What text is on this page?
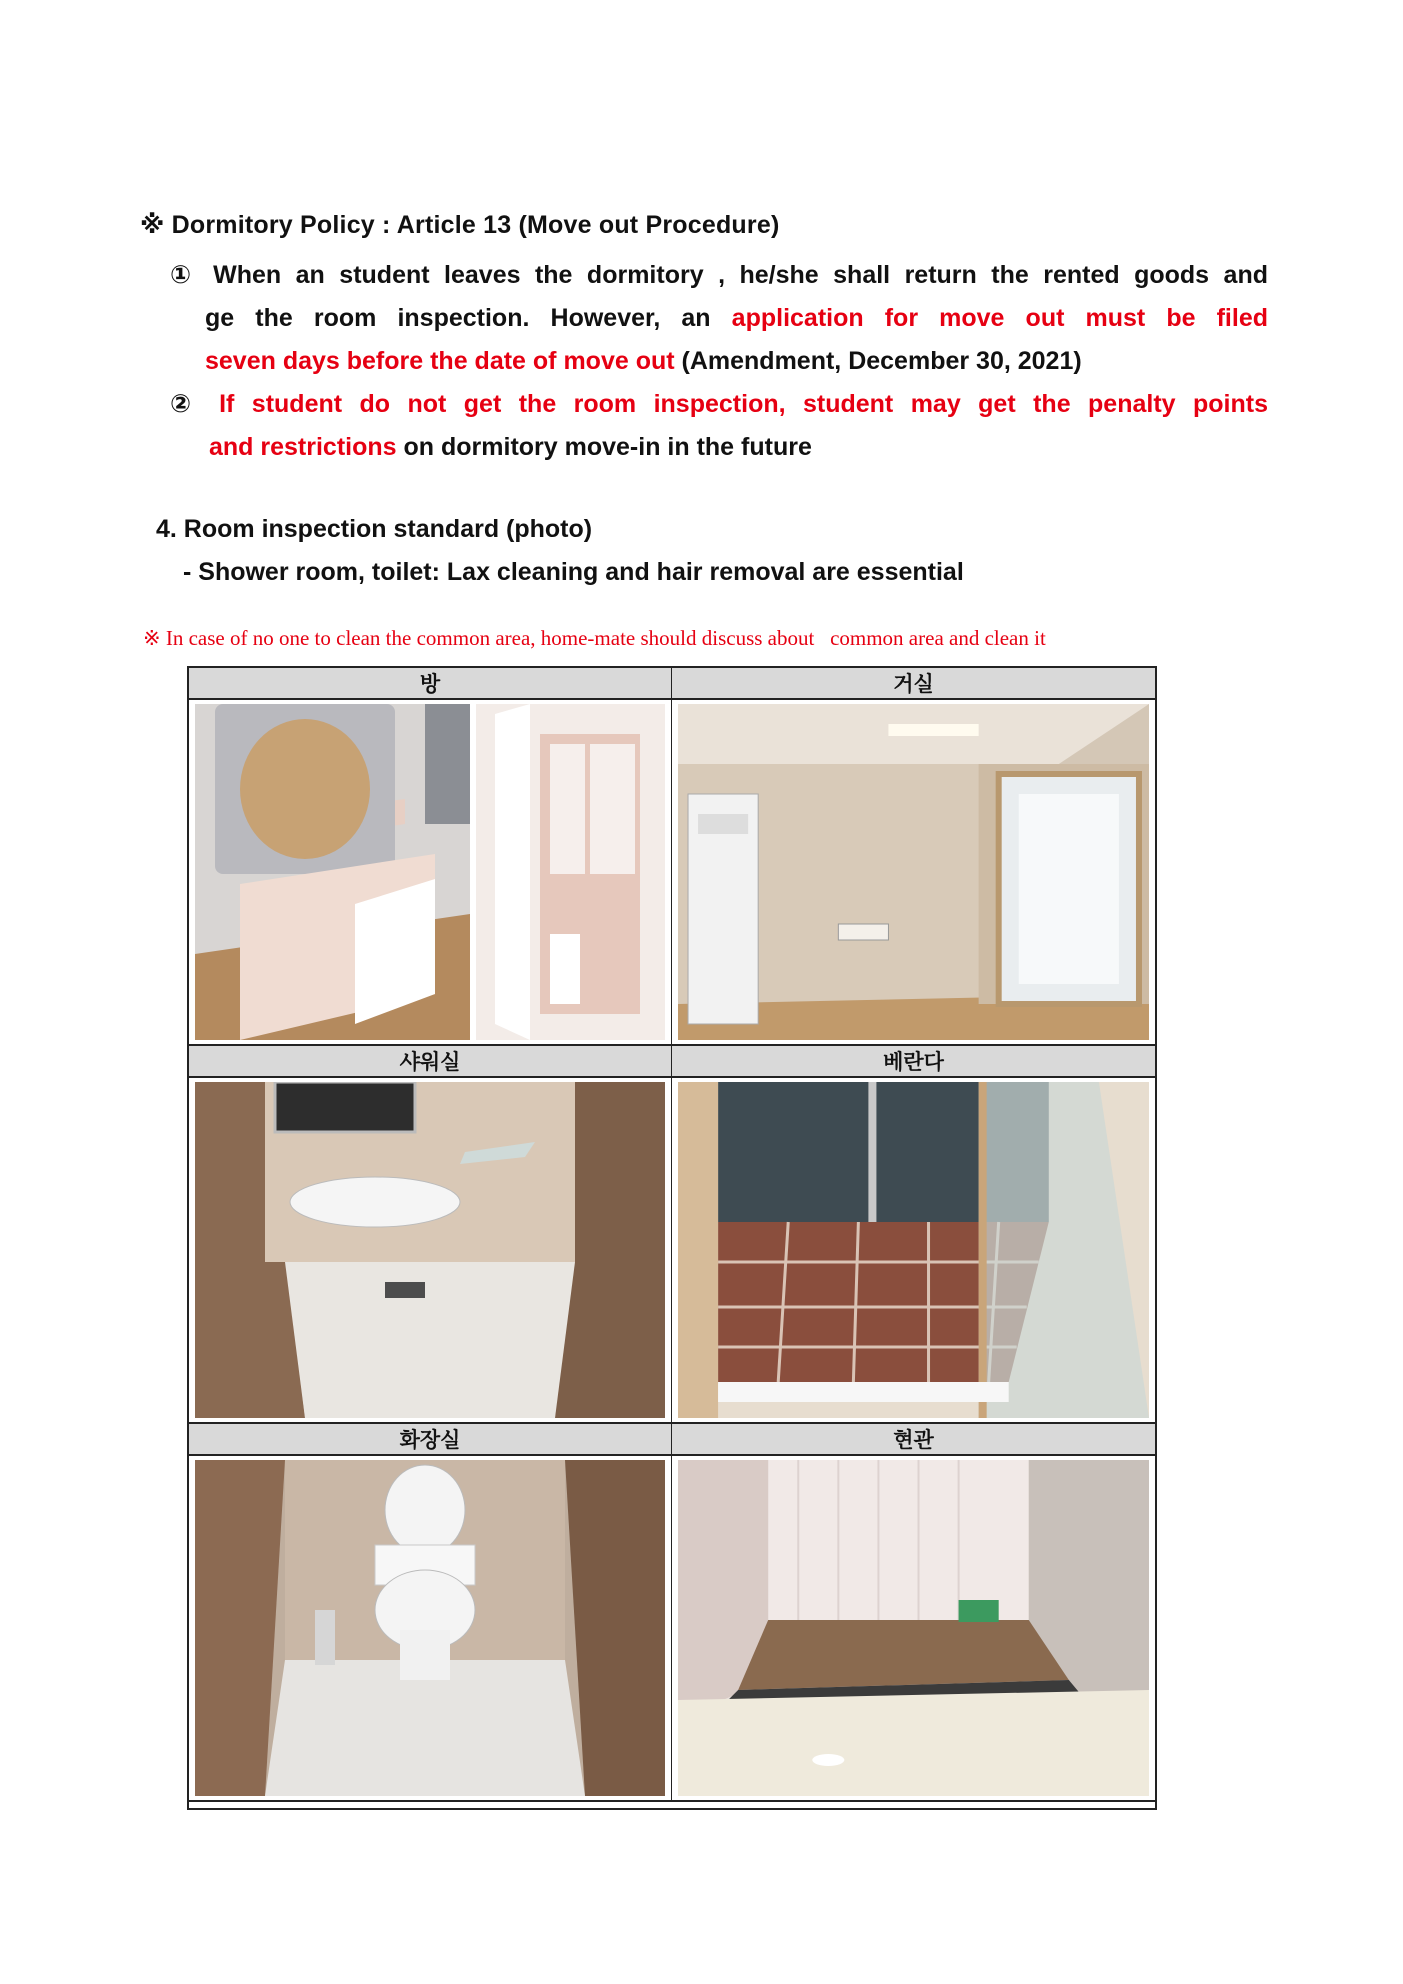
※ Dormitory Policy : Article 13 (Move out Procedure)
① When an student leaves the dormitory , he/she shall return the rented goods and
ge the room inspection. However, an application for move out must be filed
seven days before the date of move out (Amendment, December 30, 2021)
② If student do not get the room inspection, student may get the penalty points
and restrictions on dormitory move-in in the future
4. Room inspection standard (photo)
- Shower room, toilet: Lax cleaning and hair removal are essential
※ In case of no one to clean the common area, home-mate should discuss about   common area and clean it
방	거실
샤워실	베란다
화장실	현관
